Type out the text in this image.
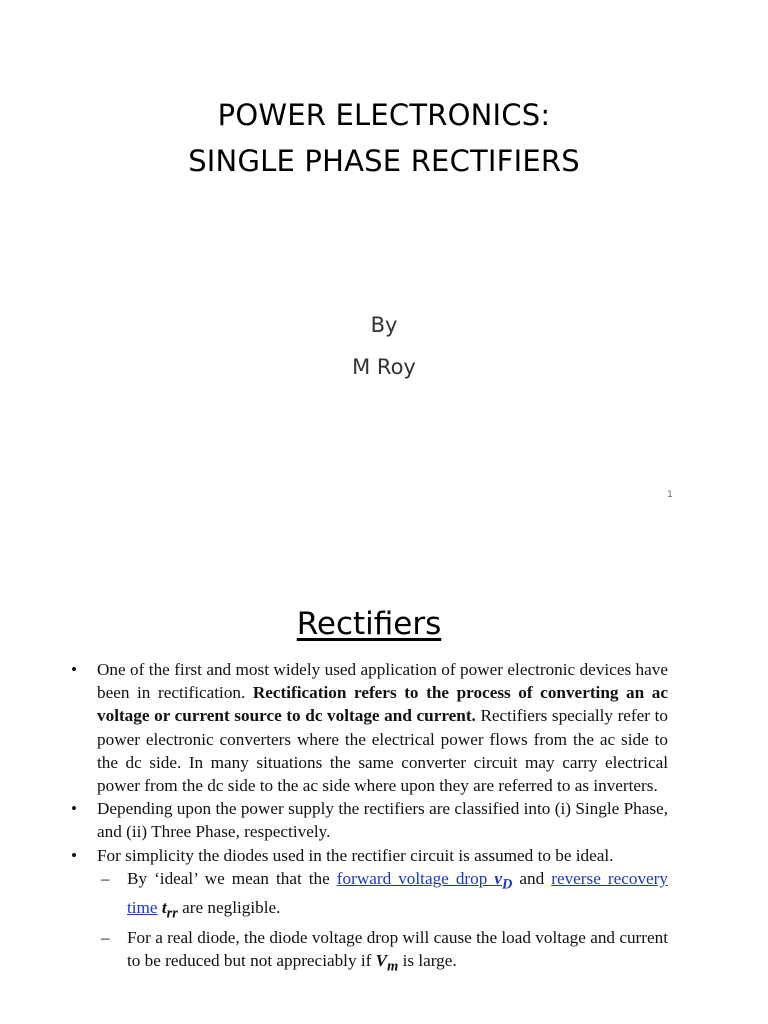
POWER ELECTRONICS:
SINGLE PHASE RECTIFIERS
By
M Roy
1
Rectifiers
• One of the first and most widely used application of power electronic devices have been in rectification. Rectification refers to the process of converting an ac voltage or current source to dc voltage and current. Rectifiers specially refer to power electronic converters where the electrical power flows from the ac side to the dc side. In many situations the same converter circuit may carry electrical power from the dc side to the ac side where upon they are referred to as inverters.
• Depending upon the power supply the rectifiers are classified into (i) Single Phase, and (ii) Three Phase, respectively.
• For simplicity the diodes used in the rectifier circuit is assumed to be ideal.
– By ‘ideal’ we mean that the forward voltage drop $v_D$ and reverse recovery time $t_{rr}$ are negligible.
– For a real diode, the diode voltage drop will cause the load voltage and current to be reduced but not appreciably if $V_m$ is large.
